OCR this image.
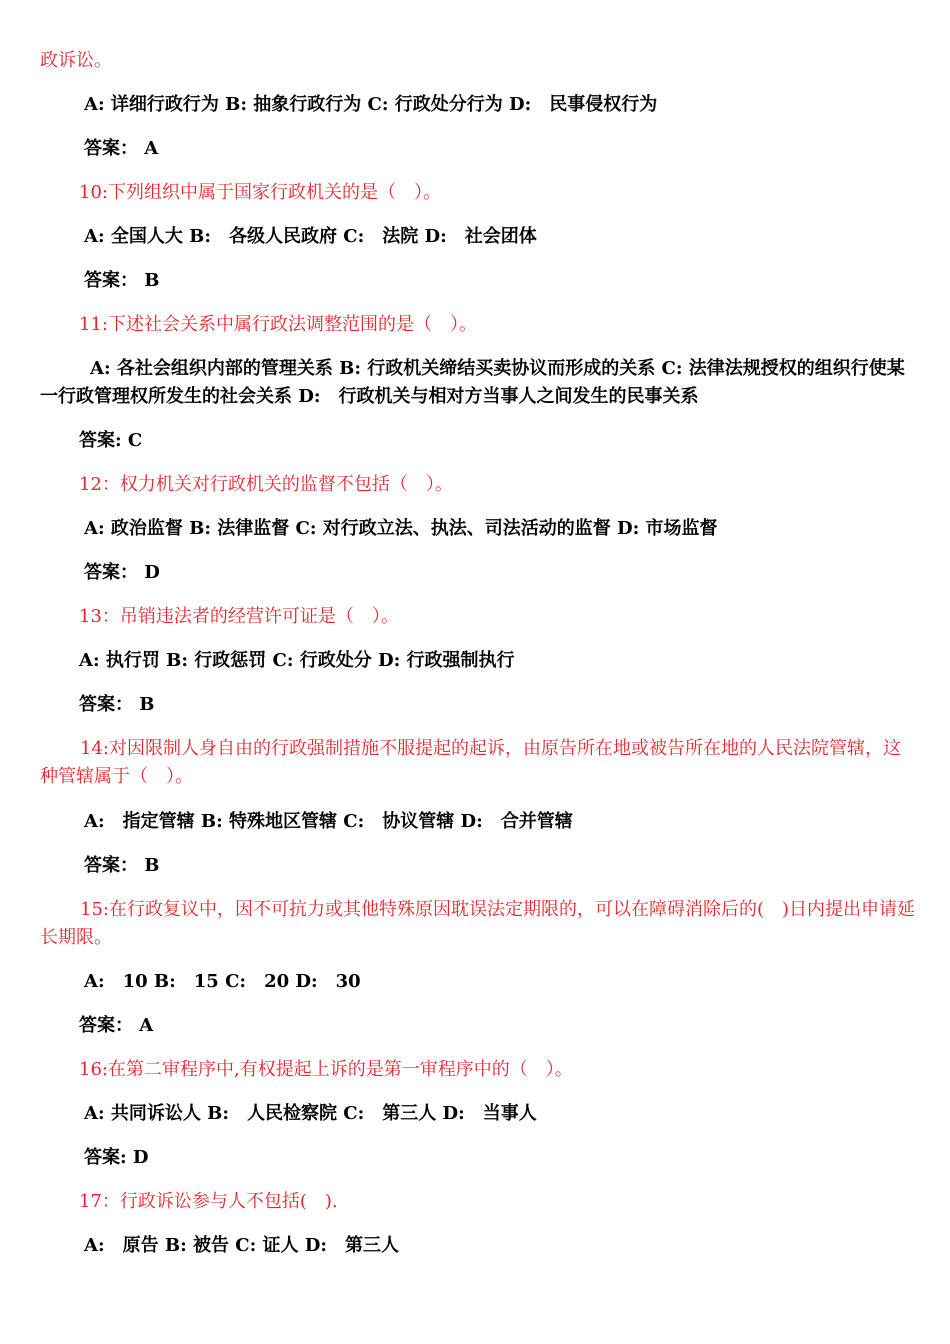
政诉讼。
A: 详细行政行为 B: 抽象行政行为 C: 行政处分行为 D:　民事侵权行为
答案： A
10:下列组织中属于国家行政机关的是（　）。
A: 全国人大 B:　各级人民政府 C:　法院 D:　社会团体
答案： B
11:下述社会关系中属行政法调整范围的是（　）。
A: 各社会组织内部的管理关系 B: 行政机关缔结买卖协议而形成的关系 C: 法律法规授权的组织行使某一行政管理权所发生的社会关系 D:　行政机关与相对方当事人之间发生的民事关系
答案: C
12：权力机关对行政机关的监督不包括（　）。
A: 政治监督 B: 法律监督 C: 对行政立法、执法、司法活动的监督 D: 市场监督
答案： D
13：吊销违法者的经营许可证是（　）。
A: 执行罚 B: 行政惩罚 C: 行政处分 D: 行政强制执行
答案： B
14:对因限制人身自由的行政强制措施不服提起的起诉，由原告所在地或被告所在地的人民法院管辖，这种管辖属于（　）。
A:　指定管辖 B: 特殊地区管辖 C:　协议管辖 D:　合并管辖
答案： B
15:在行政复议中，因不可抗力或其他特殊原因耽误法定期限的，可以在障碍消除后的(　)日内提出申请延长期限。
A:　10 B:　15 C:　20 D:　30
答案： A
16:在第二审程序中,有权提起上诉的是第一审程序中的（　）。
A: 共同诉讼人 B:　人民检察院 C:　第三人 D:　当事人
答案: D
17：行政诉讼参与人不包括(　).
A:　原告 B: 被告 C: 证人 D:　第三人
